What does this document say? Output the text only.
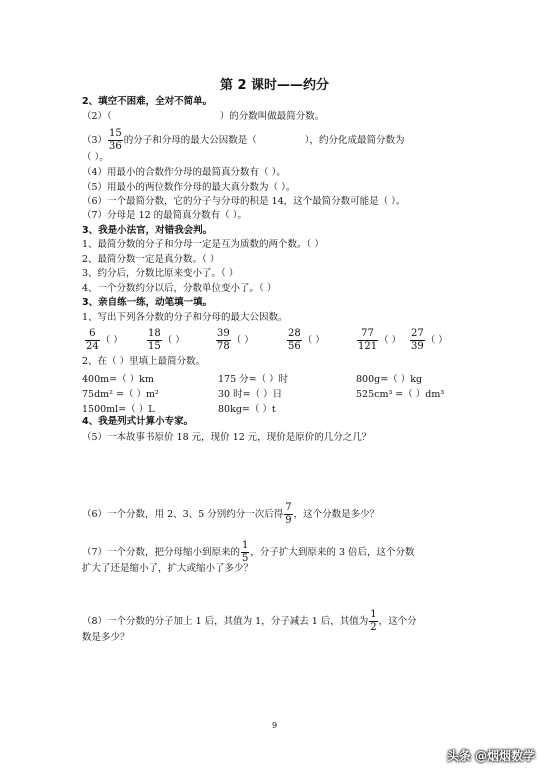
第 2 课时——约分
2、填空不困难，全对不简单。
（2）（	）的分数叫做最简分数。
$(3) \frac{15}{36}$ 的分子和分母的最大公因数是（	），约分化成最简分数为
（ ）。
（4）用最小的合数作分母的最简真分数有（ ）。
（5）用最小的两位数作分母的最大真分数为（ ）。
（6）一个最简分数，它的分子与分母的积是 14，这个最简分数可能是（ ）。
（7）分母是 12 的最简真分数有（ ）。
3、我是小法官，对错我会判。
1、最简分数的分子和分母一定是互为质数的两个数。（ ）
2、最简分数一定是真分数。（ ）
3、约分后，分数比原来变小了。（ ）
4、一个分数约分以后，分数单位变小了。（ ）
3、亲自练一练，动笔填一填。
1、写出下列各分数的分子和分母的最大公因数。
$\frac{6}{24}$ （ ） $\frac{18}{15}$ （ ）	$\frac{39}{78}$ （ ）	$\frac{28}{56}$ （ ）	$\frac{77}{121}$ （ ） $\frac{27}{39}$ （ ）
2、在（ ）里填上最简分数。
400m=（ ）km	175 分=（ ）时	800g=（ ）kg
75dm² =（ ）m²	30 时=（ ）日	525cm³ =（ ）dm³
1500ml=（ ）L	80kg=（ ）t
4、我是列式计算小专家。
（5）一本故事书原价 18 元，现价 12 元，现价是原价的几分之几？
（6）一个分数，用 2、3、5 分别约分一次后得 $\frac{7}{9}$ ，这个分数是多少？
（7）一个分数，把分母缩小到原来的 $\frac{1}{5}$ ，分子扩大到原来的 3 倍后，这个分数
扩大了还是缩小了，扩大或缩小了多少？
（8）一个分数的分子加上 1 后，其值为 1，分子减去 1 后，其值为 $\frac{1}{2}$ ，这个分
数是多少？
9
头条 @烟烟数学
